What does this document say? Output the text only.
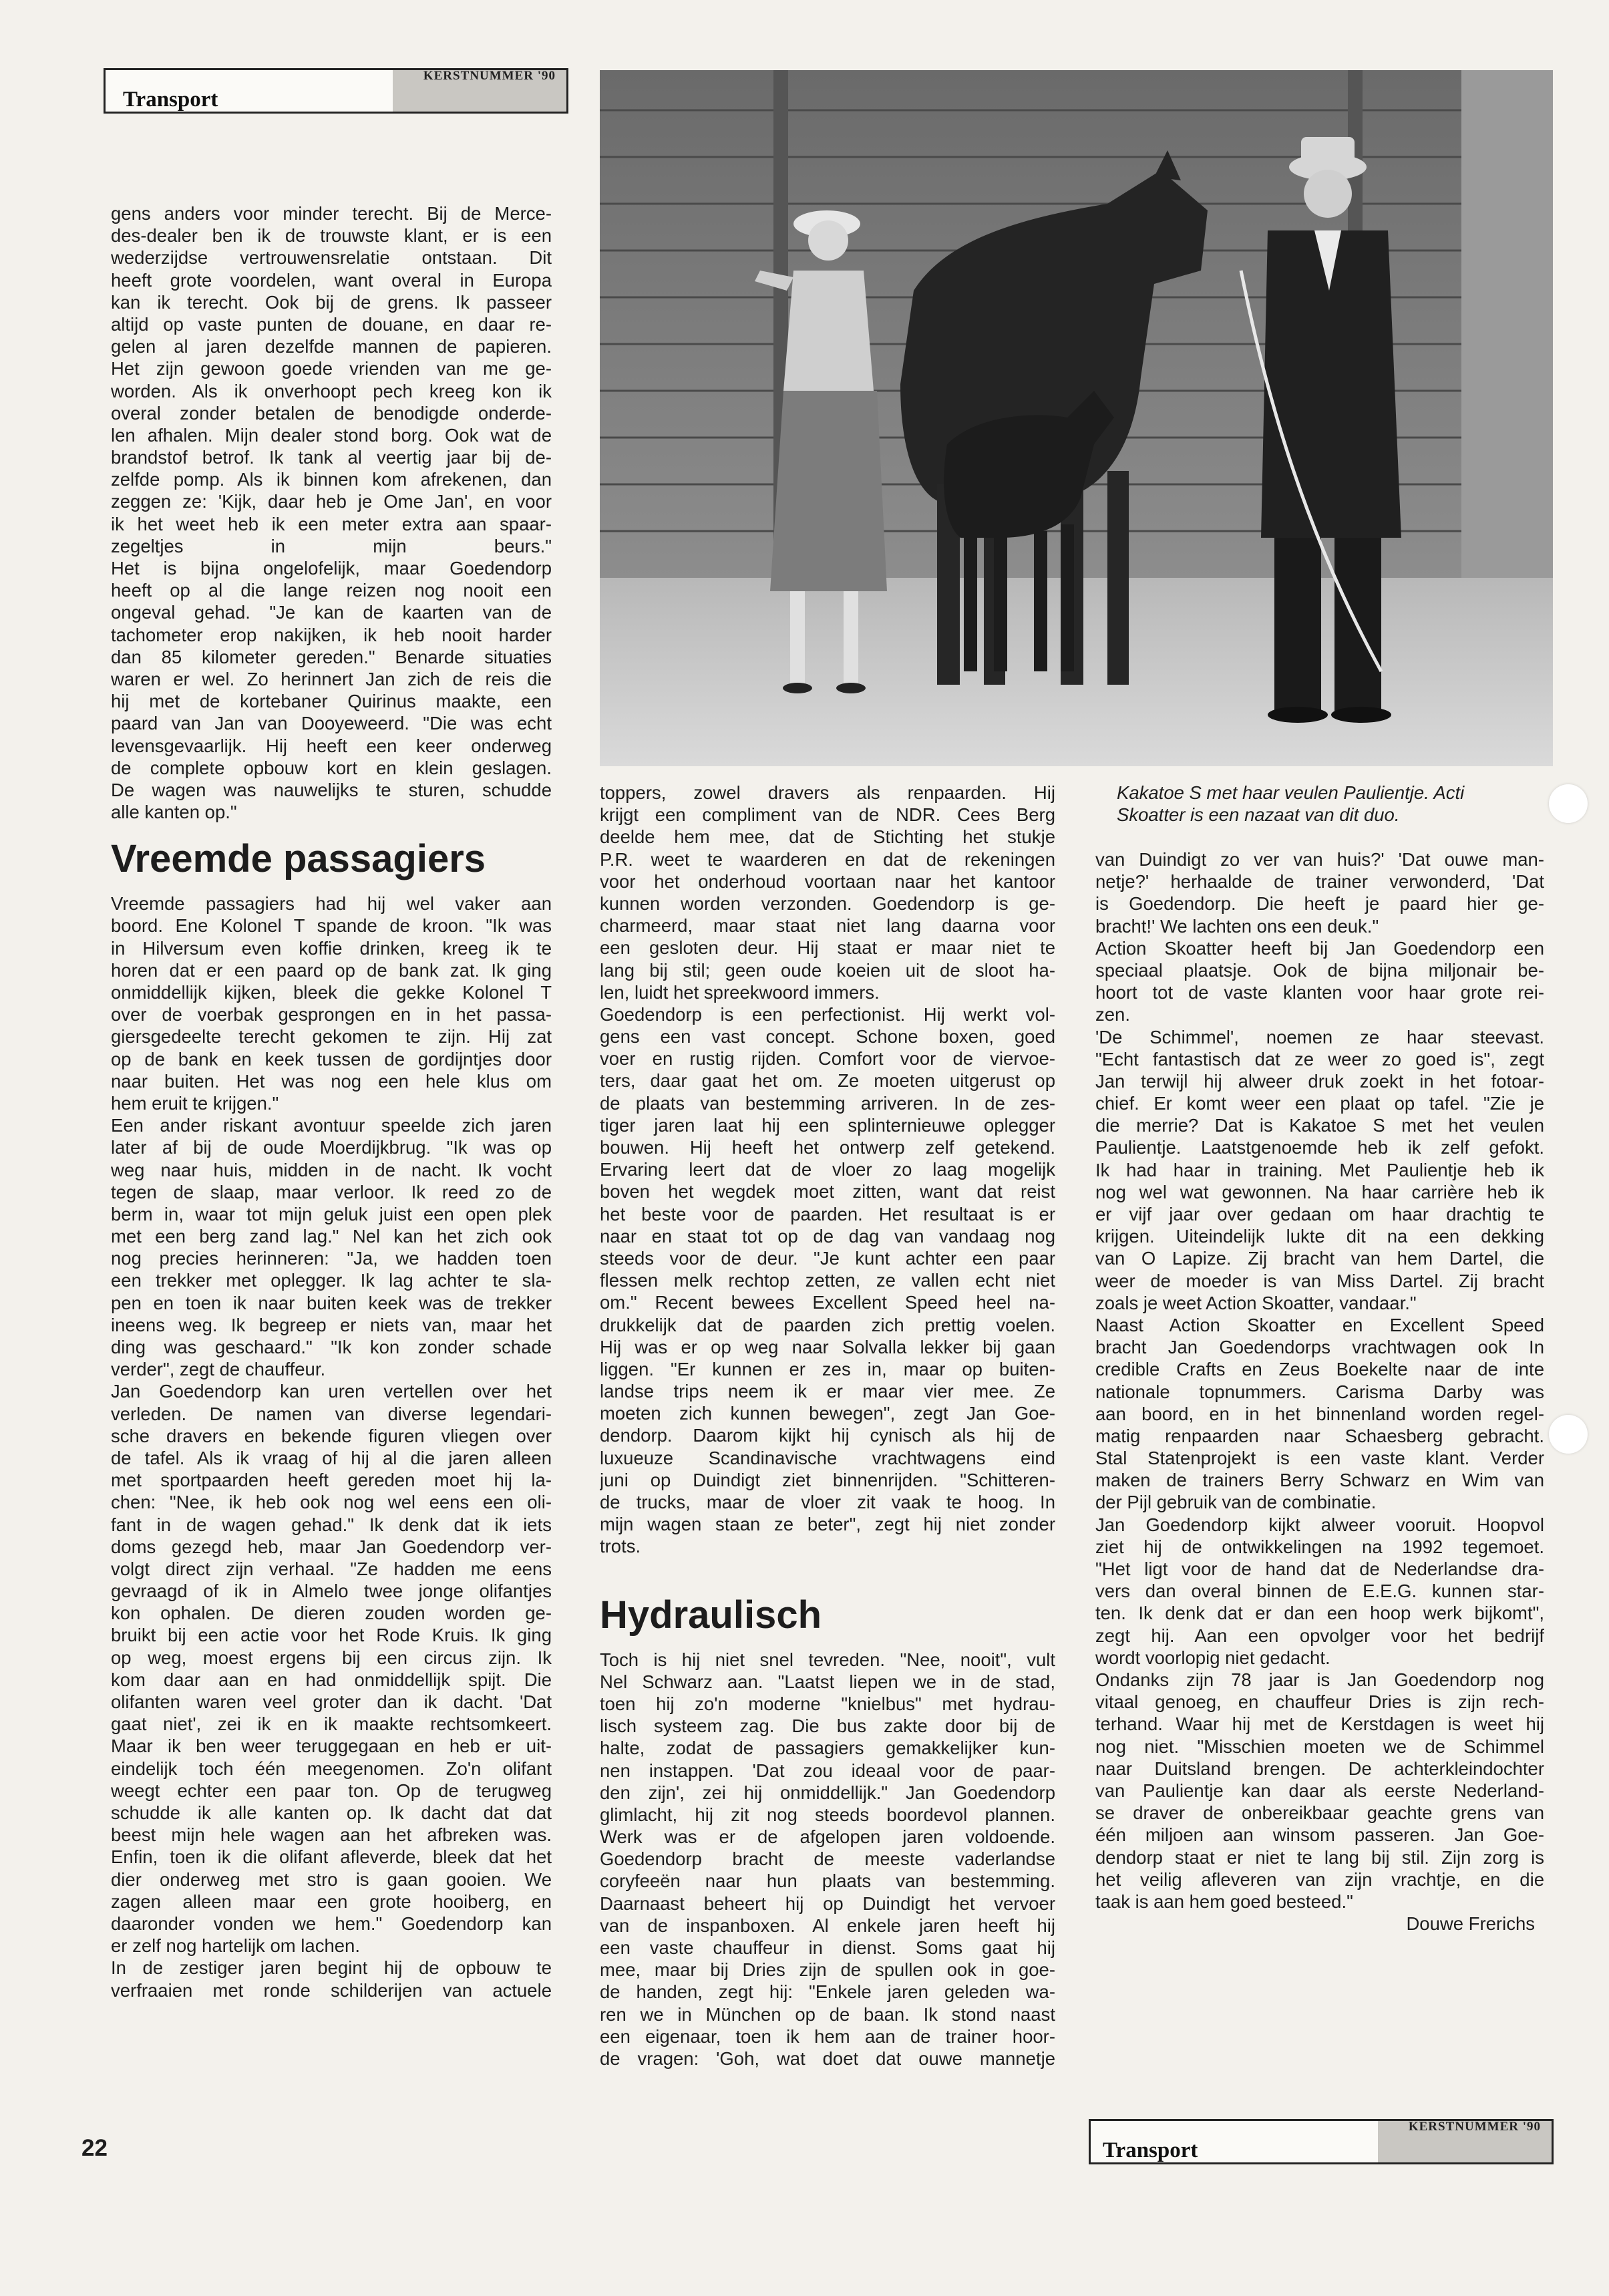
KERSTNUMMER '90
Transport
Kakatoe S met haar veulen Paulientje. Acti
Skoatter is een nazaat van dit duo.
gens anders voor minder terecht. Bij de Merce-
des-dealer ben ik de trouwste klant, er is een
wederzijdse vertrouwensrelatie ontstaan. Dit
heeft grote voordelen, want overal in Europa
kan ik terecht. Ook bij de grens. Ik passeer
altijd op vaste punten de douane, en daar re-
gelen al jaren dezelfde mannen de papieren.
Het zijn gewoon goede vrienden van me ge-
worden. Als ik onverhoopt pech kreeg kon ik
overal zonder betalen de benodigde onderde-
len afhalen. Mijn dealer stond borg. Ook wat de
brandstof betrof. Ik tank al veertig jaar bij de-
zelfde pomp. Als ik binnen kom afrekenen, dan
zeggen ze: 'Kijk, daar heb je Ome Jan', en voor
ik het weet heb ik een meter extra aan spaar-
zegeltjes in mijn beurs."
Het is bijna ongelofelijk, maar Goedendorp
heeft op al die lange reizen nog nooit een
ongeval gehad. "Je kan de kaarten van de
tachometer erop nakijken, ik heb nooit harder
dan 85 kilometer gereden." Benarde situaties
waren er wel. Zo herinnert Jan zich de reis die
hij met de kortebaner Quirinus maakte, een
paard van Jan van Dooyeweerd. "Die was echt
levensgevaarlijk. Hij heeft een keer onderweg
de complete opbouw kort en klein geslagen.
De wagen was nauwelijks te sturen, schudde
alle kanten op."
Vreemde passagiers
Vreemde passagiers had hij wel vaker aan
boord. Ene Kolonel T spande de kroon. "Ik was
in Hilversum even koffie drinken, kreeg ik te
horen dat er een paard op de bank zat. Ik ging
onmiddellijk kijken, bleek die gekke Kolonel T
over de voerbak gesprongen en in het passa-
giersgedeelte terecht gekomen te zijn. Hij zat
op de bank en keek tussen de gordijntjes door
naar buiten. Het was nog een hele klus om
hem eruit te krijgen."
Een ander riskant avontuur speelde zich jaren
later af bij de oude Moerdijkbrug. "Ik was op
weg naar huis, midden in de nacht. Ik vocht
tegen de slaap, maar verloor. Ik reed zo de
berm in, waar tot mijn geluk juist een open plek
met een berg zand lag." Nel kan het zich ook
nog precies herinneren: "Ja, we hadden toen
een trekker met oplegger. Ik lag achter te sla-
pen en toen ik naar buiten keek was de trekker
ineens weg. Ik begreep er niets van, maar het
ding was geschaard." "Ik kon zonder schade
verder", zegt de chauffeur.
Jan Goedendorp kan uren vertellen over het
verleden. De namen van diverse legendari-
sche dravers en bekende figuren vliegen over
de tafel. Als ik vraag of hij al die jaren alleen
met sportpaarden heeft gereden moet hij la-
chen: "Nee, ik heb ook nog wel eens een oli-
fant in de wagen gehad." Ik denk dat ik iets
doms gezegd heb, maar Jan Goedendorp ver-
volgt direct zijn verhaal. "Ze hadden me eens
gevraagd of ik in Almelo twee jonge olifantjes
kon ophalen. De dieren zouden worden ge-
bruikt bij een actie voor het Rode Kruis. Ik ging
op weg, moest ergens bij een circus zijn. Ik
kom daar aan en had onmiddellijk spijt. Die
olifanten waren veel groter dan ik dacht. 'Dat
gaat niet', zei ik en ik maakte rechtsomkeert.
Maar ik ben weer teruggegaan en heb er uit-
eindelijk toch één meegenomen. Zo'n olifant
weegt echter een paar ton. Op de terugweg
schudde ik alle kanten op. Ik dacht dat dat
beest mijn hele wagen aan het afbreken was.
Enfin, toen ik die olifant afleverde, bleek dat het
dier onderweg met stro is gaan gooien. We
zagen alleen maar een grote hooiberg, en
daaronder vonden we hem." Goedendorp kan
er zelf nog hartelijk om lachen.
In de zestiger jaren begint hij de opbouw te
verfraaien met ronde schilderijen van actuele
toppers, zowel dravers als renpaarden. Hij
krijgt een compliment van de NDR. Cees Berg
deelde hem mee, dat de Stichting het stukje
P.R. weet te waarderen en dat de rekeningen
voor het onderhoud voortaan naar het kantoor
kunnen worden verzonden. Goedendorp is ge-
charmeerd, maar staat niet lang daarna voor
een gesloten deur. Hij staat er maar niet te
lang bij stil; geen oude koeien uit de sloot ha-
len, luidt het spreekwoord immers.
Goedendorp is een perfectionist. Hij werkt vol-
gens een vast concept. Schone boxen, goed
voer en rustig rijden. Comfort voor de viervoe-
ters, daar gaat het om. Ze moeten uitgerust op
de plaats van bestemming arriveren. In de zes-
tiger jaren laat hij een splinternieuwe oplegger
bouwen. Hij heeft het ontwerp zelf getekend.
Ervaring leert dat de vloer zo laag mogelijk
boven het wegdek moet zitten, want dat reist
het beste voor de paarden. Het resultaat is er
naar en staat tot op de dag van vandaag nog
steeds voor de deur. "Je kunt achter een paar
flessen melk rechtop zetten, ze vallen echt niet
om." Recent bewees Excellent Speed heel na-
drukkelijk dat de paarden zich prettig voelen.
Hij was er op weg naar Solvalla lekker bij gaan
liggen. "Er kunnen er zes in, maar op buiten-
landse trips neem ik er maar vier mee. Ze
moeten zich kunnen bewegen", zegt Jan Goe-
dendorp. Daarom kijkt hij cynisch als hij de
luxueuze Scandinavische vrachtwagens eind
juni op Duindigt ziet binnenrijden. "Schitteren-
de trucks, maar de vloer zit vaak te hoog. In
mijn wagen staan ze beter", zegt hij niet zonder
trots.
Hydraulisch
Toch is hij niet snel tevreden. "Nee, nooit", vult
Nel Schwarz aan. "Laatst liepen we in de stad,
toen hij zo'n moderne "knielbus" met hydrau-
lisch systeem zag. Die bus zakte door bij de
halte, zodat de passagiers gemakkelijker kun-
nen instappen. 'Dat zou ideaal voor de paar-
den zijn', zei hij onmiddellijk." Jan Goedendorp
glimlacht, hij zit nog steeds boordevol plannen.
Werk was er de afgelopen jaren voldoende.
Goedendorp bracht de meeste vaderlandse
coryfeeën naar hun plaats van bestemming.
Daarnaast beheert hij op Duindigt het vervoer
van de inspanboxen. Al enkele jaren heeft hij
een vaste chauffeur in dienst. Soms gaat hij
mee, maar bij Dries zijn de spullen ook in goe-
de handen, zegt hij: "Enkele jaren geleden wa-
ren we in München op de baan. Ik stond naast
een eigenaar, toen ik hem aan de trainer hoor-
de vragen: 'Goh, wat doet dat ouwe mannetje
van Duindigt zo ver van huis?' 'Dat ouwe man-
netje?' herhaalde de trainer verwonderd, 'Dat
is Goedendorp. Die heeft je paard hier ge-
bracht!' We lachten ons een deuk."
Action Skoatter heeft bij Jan Goedendorp een
speciaal plaatsje. Ook de bijna miljonair be-
hoort tot de vaste klanten voor haar grote rei-
zen.
'De Schimmel', noemen ze haar steevast.
"Echt fantastisch dat ze weer zo goed is", zegt
Jan terwijl hij alweer druk zoekt in het fotoar-
chief. Er komt weer een plaat op tafel. "Zie je
die merrie? Dat is Kakatoe S met het veulen
Paulientje. Laatstgenoemde heb ik zelf gefokt.
Ik had haar in training. Met Paulientje heb ik
nog wel wat gewonnen. Na haar carrière heb ik
er vijf jaar over gedaan om haar drachtig te
krijgen. Uiteindelijk lukte dit na een dekking
van O Lapize. Zij bracht van hem Dartel, die
weer de moeder is van Miss Dartel. Zij bracht
zoals je weet Action Skoatter, vandaar."
Naast Action Skoatter en Excellent Speed
bracht Jan Goedendorps vrachtwagen ook In
credible Crafts en Zeus Boekelte naar de inte
nationale topnummers. Carisma Darby was
aan boord, en in het binnenland worden regel-
matig renpaarden naar Schaesberg gebracht.
Stal Statenprojekt is een vaste klant. Verder
maken de trainers Berry Schwarz en Wim van
der Pijl gebruik van de combinatie.
Jan Goedendorp kijkt alweer vooruit. Hoopvol
ziet hij de ontwikkelingen na 1992 tegemoet.
"Het ligt voor de hand dat de Nederlandse dra-
vers dan overal binnen de E.E.G. kunnen star-
ten. Ik denk dat er dan een hoop werk bijkomt",
zegt hij. Aan een opvolger voor het bedrijf
wordt voorlopig niet gedacht.
Ondanks zijn 78 jaar is Jan Goedendorp nog
vitaal genoeg, en chauffeur Dries is zijn rech-
terhand. Waar hij met de Kerstdagen is weet hij
nog niet. "Misschien moeten we de Schimmel
naar Duitsland brengen. De achterkleindochter
van Paulientje kan daar als eerste Nederland-
se draver de onbereikbaar geachte grens van
één miljoen aan winsom passeren. Jan Goe-
dendorp staat er niet te lang bij stil. Zijn zorg is
het veilig afleveren van zijn vrachtje, en die
taak is aan hem goed besteed."
Douwe Frerichs
KERSTNUMMER '90
Transport
22
